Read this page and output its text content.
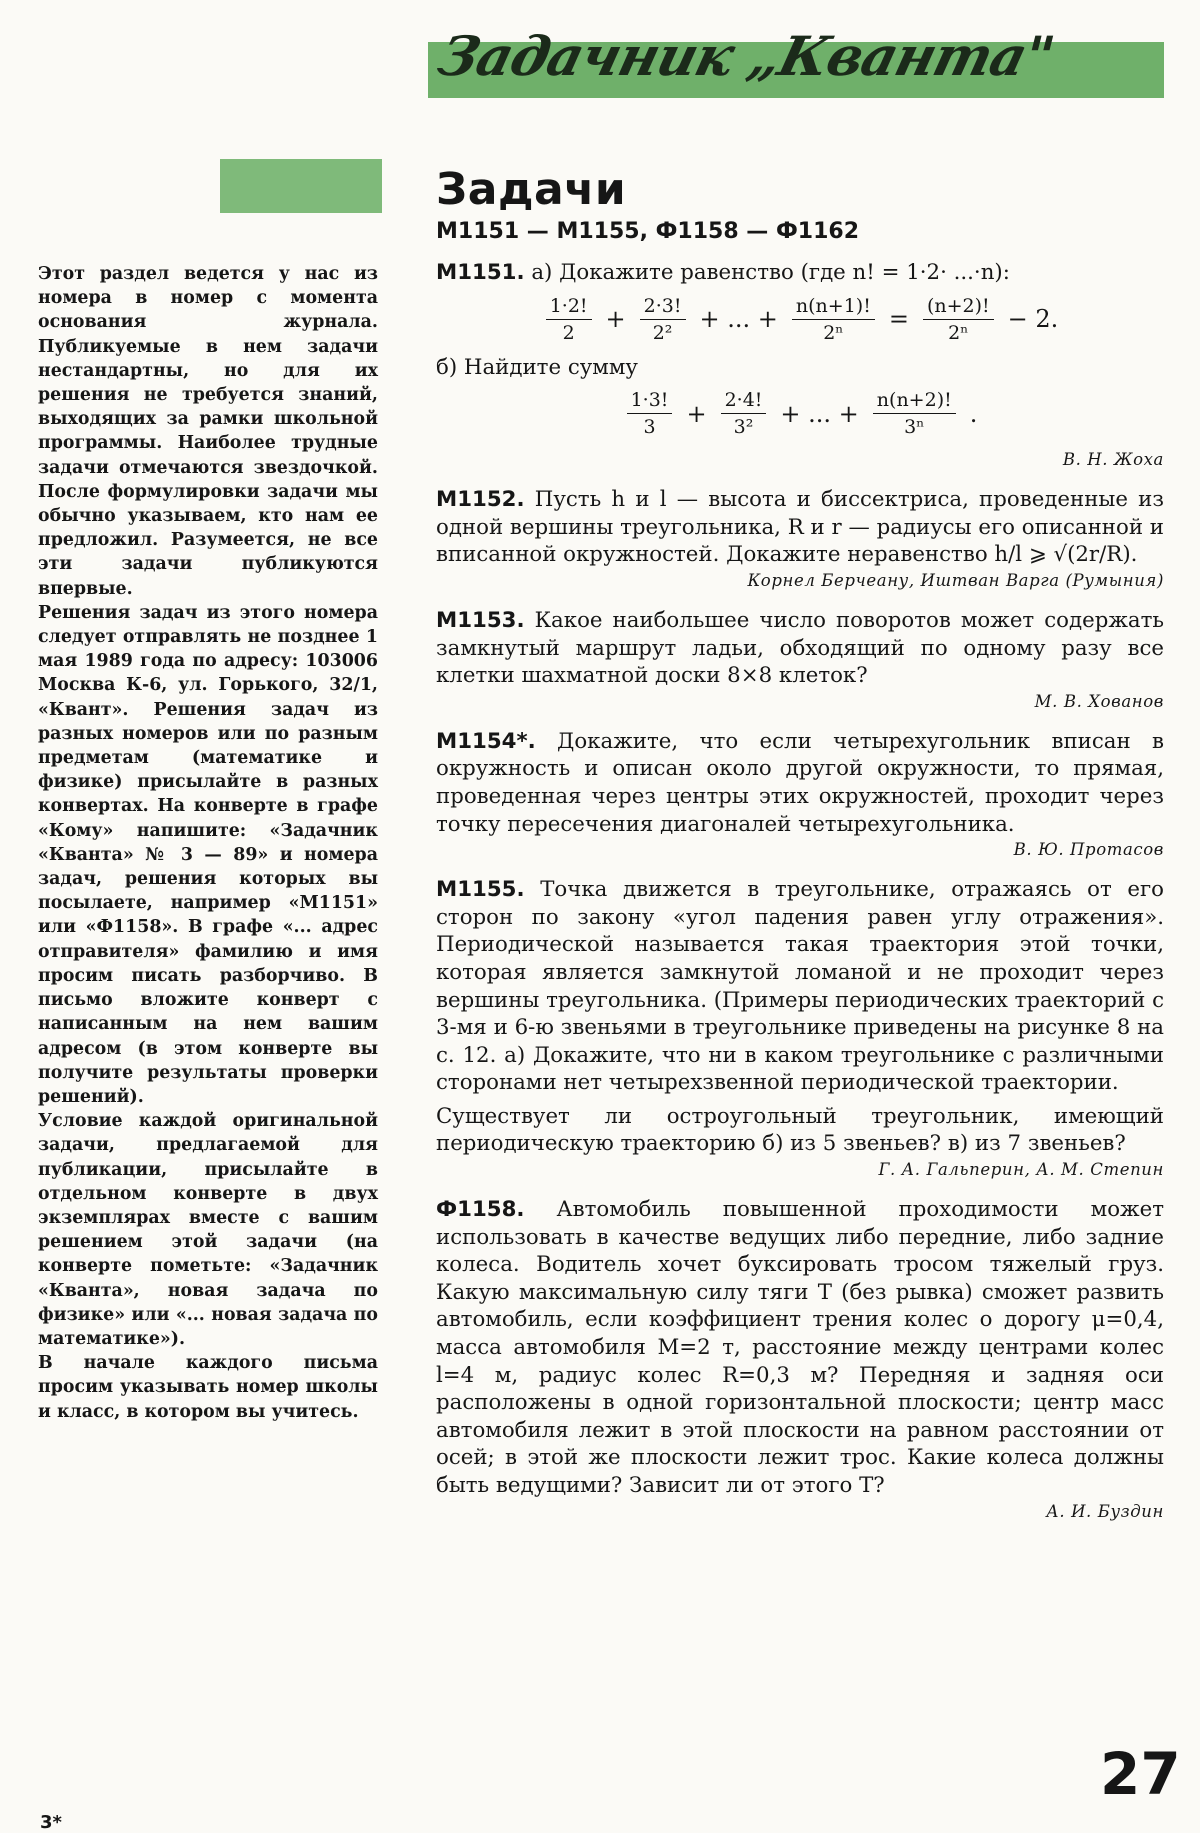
Задачник „Кванта"

Этот раздел ведется у нас из номера в номер с момента основания журнала. Публикуемые в нем задачи нестандартны, но для их решения не требуется знаний, выходящих за рамки школьной программы. Наиболее трудные задачи отмечаются звездочкой. После формулировки задачи мы обычно указываем, кто нам ее предложил. Разумеется, не все эти задачи публикуются впервые.

Решения задач из этого номера следует отправлять не позднее 1 мая 1989 года по адресу: 103006 Москва К-6, ул. Горького, 32/1, «Квант». Решения задач из разных номеров или по разным предметам (математике и физике) присылайте в разных конвертах. На конверте в графе «Кому» напишите: «Задачник «Кванта» № 3 — 89» и номера задач, решения которых вы посылаете, например «М1151» или «Ф1158». В графе «... адрес отправителя» фамилию и имя просим писать разборчиво. В письмо вложите конверт с написанным на нем вашим адресом (в этом конверте вы получите результаты проверки решений).

Условие каждой оригинальной задачи, предлагаемой для публикации, присылайте в отдельном конверте в двух экземплярах вместе с вашим решением этой задачи (на конверте пометьте: «Задачник «Кванта», новая задача по физике» или «... новая задача по математике»).

В начале каждого письма просим указывать номер школы и класс, в котором вы учитесь.

Задачи
М1151 — М1155, Ф1158 — Ф1162
М1151. а) Докажите равенство (где n! = 1·2· ...·n):
$\frac{1\cdot 2!}{2} + \frac{2\cdot 3!}{\text{2²}}$ + ... + $\frac{n(n+1)!}{\text{2ⁿ}} = \frac{(n+2)!}{\text{2ⁿ}} - 2$.
б) Найдите сумму
$\frac{1\cdot 3!}{3} + \frac{2\cdot 4!}{\text{3²}}$ + ... + $\frac{n(n+2)!}{\text{3ⁿ}}$ .
В. Н. Жоха
М1152. Пусть h и l — высота и биссектриса, проведенные из одной вершины треугольника, R и r — радиусы его описанной и вписанной окружностей. Докажите неравенство h/l ⩾ √(2r/R).
Корнел Берчеану, Иштван Варга (Румыния)
М1153. Какое наибольшее число поворотов может содержать замкнутый маршрут ладьи, обходящий по одному разу все клетки шахматной доски 8×8 клеток?
М. В. Хованов
М1154*. Докажите, что если четырехугольник вписан в окружность и описан около другой окружности, то прямая, проведенная через центры этих окружностей, проходит через точку пересечения диагоналей четырехугольника.
В. Ю. Протасов
М1155. Точка движется в треугольнике, отражаясь от его сторон по закону «угол падения равен углу отражения». Периодической называется такая траектория этой точки, которая является замкнутой ломаной и не проходит через вершины треугольника. (Примеры периодических траекторий с 3-мя и 6-ю звеньями в треугольнике приведены на рисунке 8 на с. 12. а) Докажите, что ни в каком треугольнике с различными сторонами нет четырехзвенной периодической траектории.
Существует ли остроугольный треугольник, имеющий периодическую траекторию б) из 5 звеньев? в) из 7 звеньев?
Г. А. Гальперин, А. М. Степин
Ф1158. Автомобиль повышенной проходимости может использовать в качестве ведущих либо передние, либо задние колеса. Водитель хочет буксировать тросом тяжелый груз. Какую максимальную силу тяги T (без рывка) сможет развить автомобиль, если коэффициент трения колес о дорогу μ=0,4, масса автомобиля M=2 т, расстояние между центрами колес l=4 м, радиус колес R=0,3 м? Передняя и задняя оси расположены в одной горизонтальной плоскости; центр масс автомобиля лежит в этой плоскости на равном расстоянии от осей; в этой же плоскости лежит трос. Какие колеса должны быть ведущими? Зависит ли от этого T?
А. И. Буздин
27
3*
